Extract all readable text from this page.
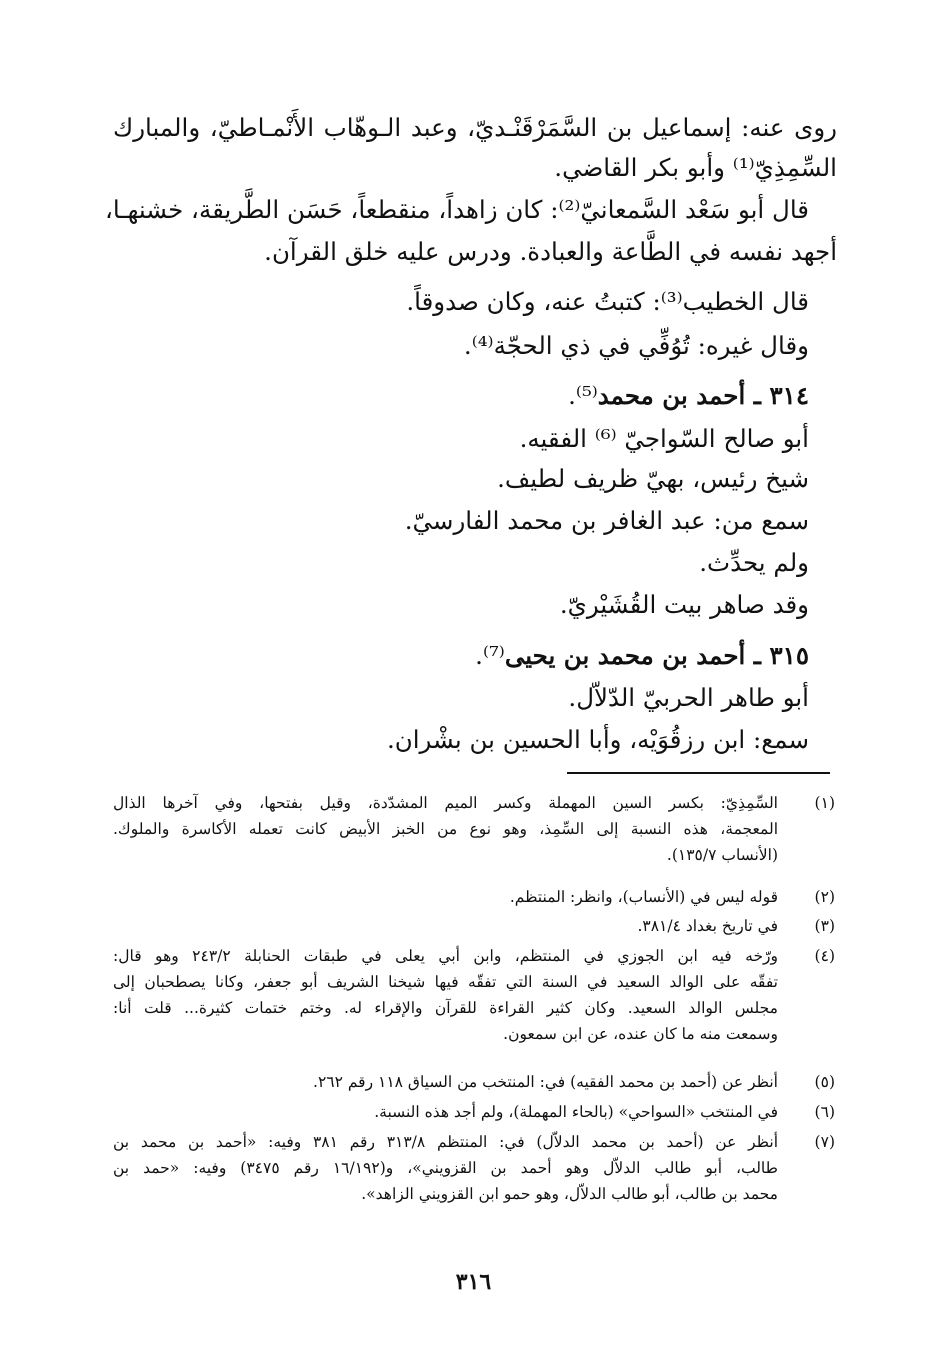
روى عنه: إسماعيل بن السَّمَرْقَنْـديّ، وعبد الـوهّاب الأَنْمـاطيّ، والمبارك
السِّمِذِيّ⁽¹⁾ وأبو بكر القاضي.
قال أبو سَعْد السَّمعانيّ⁽²⁾: كان زاهداً، منقطعاً، حَسَن الطَّريقة، خشنهـا،
أجهد نفسه في الطَّاعة والعبادة. ودرس عليه خلق القرآن.
قال الخطيب⁽³⁾: كتبتُ عنه، وكان صدوقاً.
وقال غيره: تُوُفِّي في ذي الحجّة⁽⁴⁾.
٣١٤ ـ أحمد بن محمد⁽⁵⁾.
أبو صالح السّواجيّ ⁽⁶⁾ الفقيه.
شيخ رئيس، بهيّ ظريف لطيف.
سمع من: عبد الغافر بن محمد الفارسيّ.
ولم يحدِّث.
وقد صاهر بيت القُشَيْريّ.
٣١٥ ـ أحمد بن محمد بن يحيى⁽⁷⁾.
أبو طاهر الحربيّ الدّلاّل.
سمع: ابن رزقُوَيْه، وأبا الحسين بن بشْران.
(١)
السِّمِذِيّ: بكسر السين المهملة وكسر الميم المشدّدة، وقيل بفتحها، وفي آخرها الذال
المعجمة، هذه النسبة إلى السِّمِذ، وهو نوع من الخبز الأبيض كانت تعمله الأكاسرة والملوك.
(الأنساب ١٣٥/٧).
(٢)
قوله ليس في (الأنساب)، وانظر: المنتظم.
(٣)
في تاريخ بغداد ٣٨١/٤.
(٤)
ورّخه فيه ابن الجوزي في المنتظم، وابن أبي يعلى في طبقات الحنابلة ٢٤٣/٢ وهو قال:
تفقّه على الوالد السعيد في السنة التي تفقّه فيها شيخنا الشريف أبو جعفر، وكانا يصطحبان إلى
مجلس الوالد السعيد. وكان كثير القراءة للقرآن والإقراء له. وختم ختمات كثيرة... قلت أنا:
وسمعت منه ما كان عنده، عن ابن سمعون.
(٥)
أنظر عن (أحمد بن محمد الفقيه) في: المنتخب من السياق ١١٨ رقم ٢٦٢.
(٦)
في المنتخب «السواحي» (بالحاء المهملة)، ولم أجد هذه النسبة.
(٧)
أنظر عن (أحمد بن محمد الدلاّل) في: المنتظم ٣١٣/٨ رقم ٣٨١ وفيه: «أحمد بن محمد بن
طالب، أبو طالب الدلاّل وهو أحمد بن القزويني»، و(١٦/١٩٢ رقم ٣٤٧٥) وفيه: «حمد بن
محمد بن طالب، أبو طالب الدلاّل، وهو حمو ابن القزويني الزاهد».
٣١٦
